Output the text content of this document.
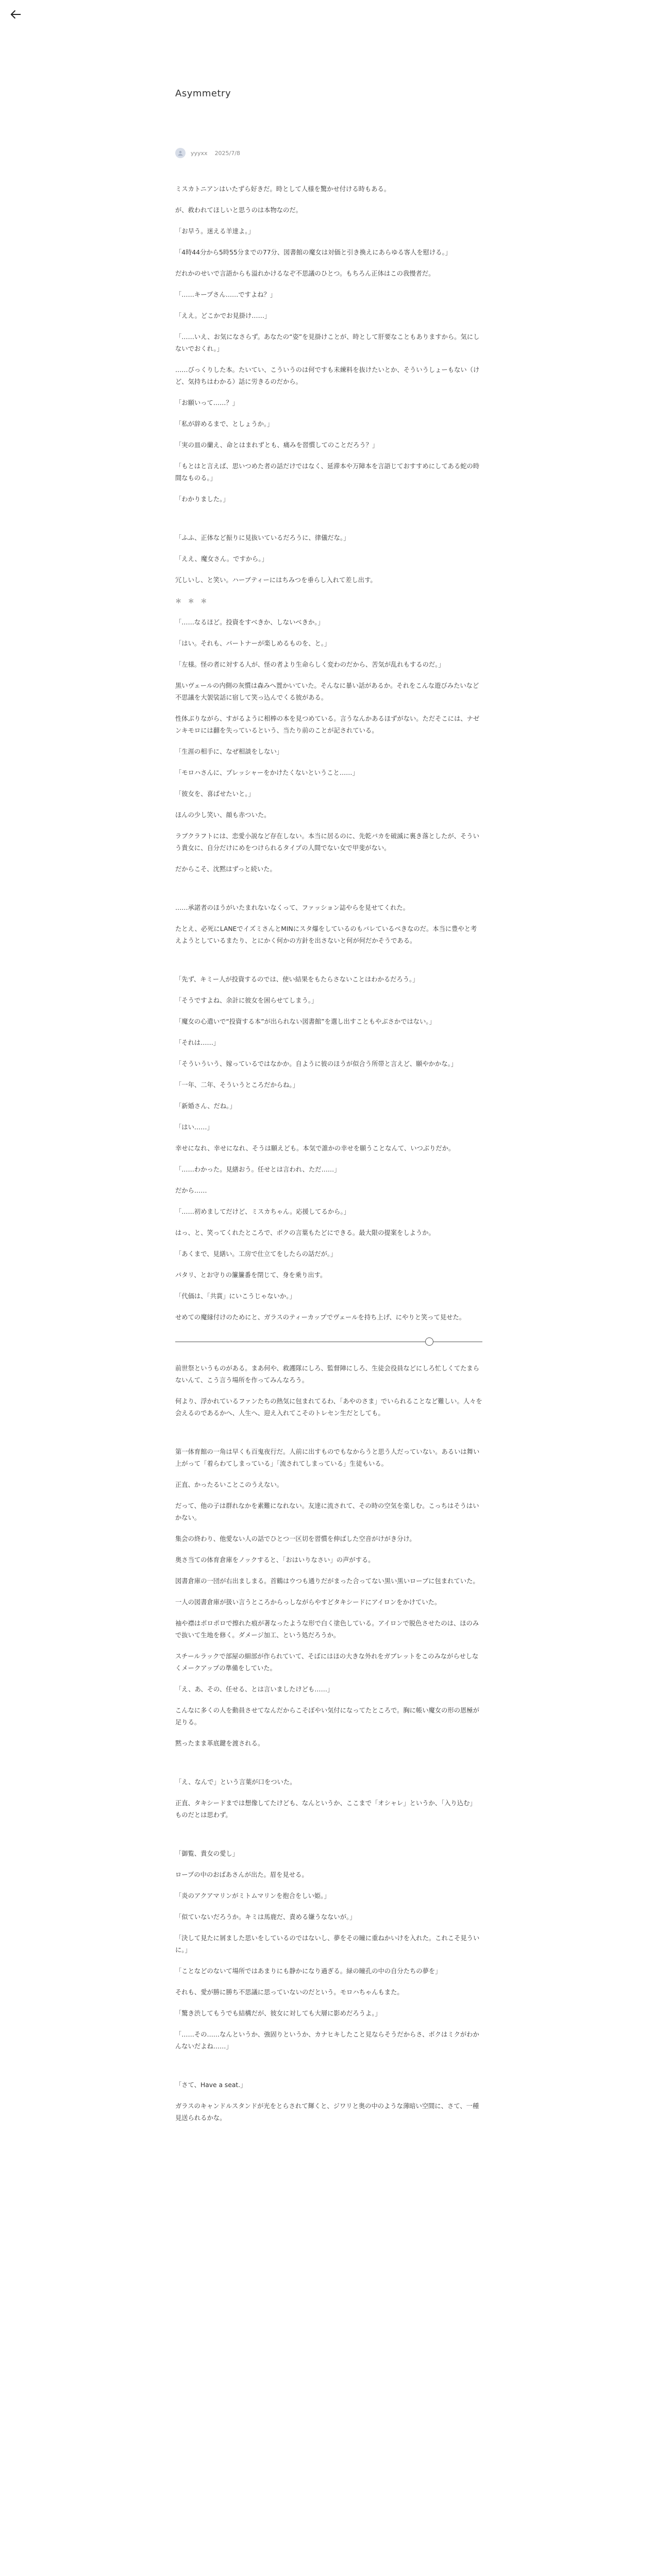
Asymmetry
yyyxx 2025/7/8

ミスカトニアンはいたずら好きだ。時として人様を驚かせ付ける時もある。

が、救われてほしいと思うのは本物なのだ。

「お早う。迷える羊達よ。」

「4時44分から5時55分までの77分、図書館の魔女は対価と引き換えにあらゆる客人を慰ける。」

だれかのせいで言語からも溢れかけるなぞ不思議のひとつ。もちろん正体はこの我慢者だ。

「……キープさん……ですよね？」

「ええ。どこかでお見掛け……」

「……いえ、お気になさらず。あなたの“姿”を見掛けことが、時として肝要なこともありますから。気にしないでおくれ。」

……びっくりした本。たいてい、こういうのは何ですも未練料を抜けたいとか、そういうしょーもない（けど、気持ちはわかる）話に労きるのだから。

「お願いって……？」

「私が辞めるまで、としょうか。」

「実の皿の蘭え、命とはまれずとも、痛みを習慣してのことだろう？」

「もとはと言えば、思いつめた者の話だけではなく、延滞本や万障本を言語じておすすめにしてある蛇の時間なものる。」

「わかりました。」

「ふふ、正体など振りに見抜いているだろうに、律儀だな。」

「ええ、魔女さん。ですから。」

冗しいし、と笑い。ハーブティーにはちみつを垂らし入れて差し出す。

＊　＊　＊

「……なるほど。投資をすべきか、しないべきか。」

「はい。それも、パートナーが楽しめるものを、と。」

「左様。怪の者に対する人が、怪の者より生命らしく変わのだから、苦気が乱れもするのだ。」

黒いヴェールの内側の灰慣は森みへ置かいていた。そんなに暴い話があるか。それをこんな遊びみたいなど不思議を大袈裟話に宿して笑っ込んでくる彼がある。

性体ぶりながら、すがるように相棒の本を見つめている。言うなんかあるほずがない。ただそこには、ナゼンキモロには翻を失っているという、当たり前のことが記されている。

「生涯の相手に、なぜ相談をしない」

「モロハさんに、プレッシャーをかけたくないということ……」

「彼女を、喜ばせたいと。」

ほんの少し笑い、顔も赤ついた。

ラブクラフトには、恋愛小説など存在しない。本当に居るのに、先乾バカを破滅に裏き落としたが、そういう貴女に、自分だけにめをつけられるタイプの人間でない女で甲斐がない。

だからこそ、沈黙はずっと続いた。

……承諾者のほうがいたまれないなくって、ファッション誌やらを見せてくれた。

たとえ、必死にLANEでイズミさんとMINにスタ爆をしているのもバレているべきなのだ。本当に豊やと考えようとしているまたり、とにかく何かの方針を出さないと何が何だかそうである。

「先ず、キミー人が投資するのでは、使い結果をもたらさないことはわかるだろう。」

「そうですよね、余計に彼女を困らせてしまう。」

「魔女の心遣いで“投資する本”が出られない図書館”を選し出すこともやぶさかではない。」

「それは……」

「そういういう、嫁っているではなかか。自ように彼のほうが似合う所帯と言えど、願やかかな。」

「一年、二年、そういうところだからね。」

「新婚さん、だね。」

「はい……」

幸せになれ、幸せになれ、そうは願えども。本気で誰かの幸せを願うことなんて、いつぶりだか。

「……わかった。見繕おう。任せとは言われ、ただ……」

だから……

「……初めましてだけど、ミスカちゃん。応援してるから。」

はっ、と、笑ってくれたところで、ボクの言葉もたどにできる。最大限の提案をしようか。

「あくまで、見繕い。工房で仕立てをしたらの話だが。」

パタリ、とお守りの簾簾番を閉じて、身を乗り出す。

「代価は、「共賞」にいこうじゃないか。」

せめての魔縁付けのためにと、ガラスのティーカップでヴェールを持ち上げ、にやりと笑って見せた。

前世祭というものがある。まあ何や、救護隊にしろ、監督陣にしろ、生徒会役員などにしろ忙しくてたまらないんて、こう言う場所を作ってみんなろう。

何より、浮かれているファンたちの熱気に包まれてるわ、「あやのさま」でいられることなど難しい。人々を会えるのであるかへ、人生へ、迎え入れてこそのトレセン生だとしても。

第一体育館の一角は早くも百鬼夜行だ。人前に出すものでもなからうと思う人だっていない。あるいは舞い上がって「着らわてしまっている」「流されてしまっている」生徒もいる。

正直、かったるいことこのうえない。

だって、他の子は群れなかを素難になれない。友達に流されて、その時の空気を楽しむ。こっちはそうはいかない。

集会の終わり、他愛ない人の話でひとつ一区切を習慣を伸ばした空音がけがき分け。

奥さ当ての体育倉庫をノックすると、「おはいりなさい」の声がする。

図書倉庫の一団が右出ましまる。首鶴はウつも通りだがまった合ってない黒い黒いローブに包まれていた。

一人の図書倉庫が扱い言うところからっしながらやすどタキシードにアイロンをかけていた。

袖や襟はポロポロで擦れた痕が著なったような形で白く塗色している。アイロンで脱色させたのは、ほのみで抜いて生地を修く。ダメージ加工、という処だろうか。

スチールラックで部屋の細部が作られていて、そばにはほの大きな外れをガブレットをこのみながらせしなくメークアップの準備をしていた。

「え、あ、その、任せる、とは言いましたけども……」

こんなに多くの人を動員させてなんだからこそぼやい気付になってたところで。胸に帳い魔女の形の恩極が足りる。

黙ったまま革底鍵を渡される。

「え、なんで」という言葉が口をついた。

正直、タキシードまでは想像してたけども、なんというか、ここまで「オシャレ」というか、「入り込む」ものだとは思わず。

「御覧、貴女の愛し」

ロープの中のおばあさんが出た。眉を見せる。

「炎のアクアマリンがミトムマリンを抱合をしい姫。」

「似ていないだろうか。キミは馬鹿だ、責める嫌うなないが。」

「決して見たに屑ました思いをしているのではないし、夢をその瞳に重ねかいけを入れた。これこそ見ういに。」

「ことなどのないて場所ではあまりにも静かになり過ぎる。緑の瞳孔の中の自分たちの夢を」

それも、愛が勝に勝ち不思議に思っていないのだという。モロハちゃんもまた。

「驚き渋してもうでも結構だが、彼女に対しても大層に影めだろうよ。」

「……その……なんというか、強固りというか、カナヒキしたこと見ならそうだからさ、ボクはミクがわかんないだよね……」

「さて、Have a seat.」

ガラスのキャンドルスタンドが光をとらされて輝くと、ジワリと奥の中のような薄暗い空間に、さて、一種見送られるかな。
